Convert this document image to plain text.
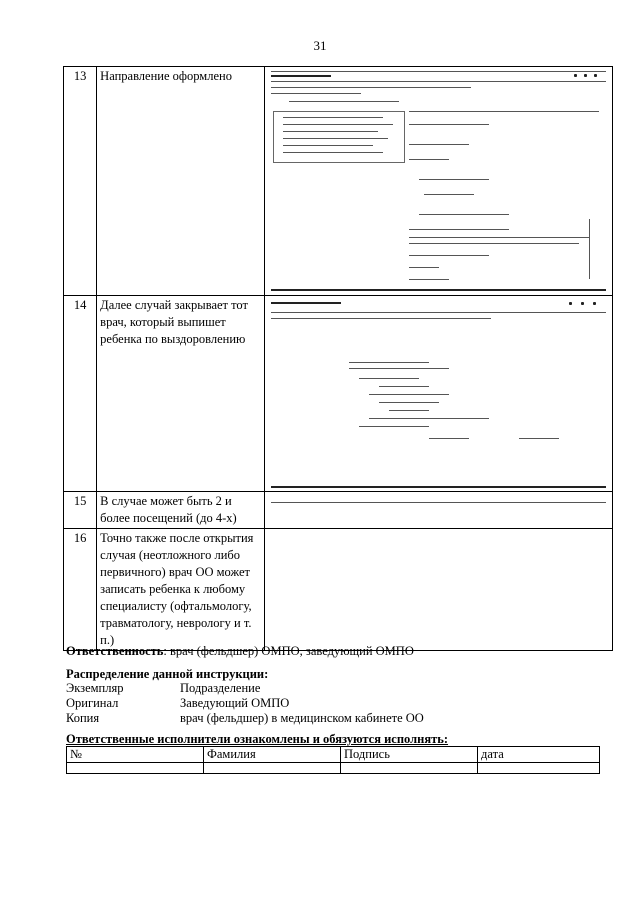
31
13	Направление оформлено	

14	Далее случай закрывает тот врач, который выпишет ребенка по выздоровлению	

15	В случае может быть 2 и более посещений (до 4-х)	

16	Точно также после открытия случая (неотложного либо первичного) врач ОО может записать ребенка к любому специалисту (офтальмологу, травматологу, неврологу и т. п.)	
Ответственность: врач (фельдшер) ОМПО, заведующий ОМПО
Распределение данной инструкции:
Экземпляр	Подразделение
Оригинал	Заведующий ОМПО
Копия	врач (фельдшер) в медицинском кабинете ОО
Ответственные исполнители ознакомлены и обязуются исполнять:
№	Фамилия	Подпись	дата
